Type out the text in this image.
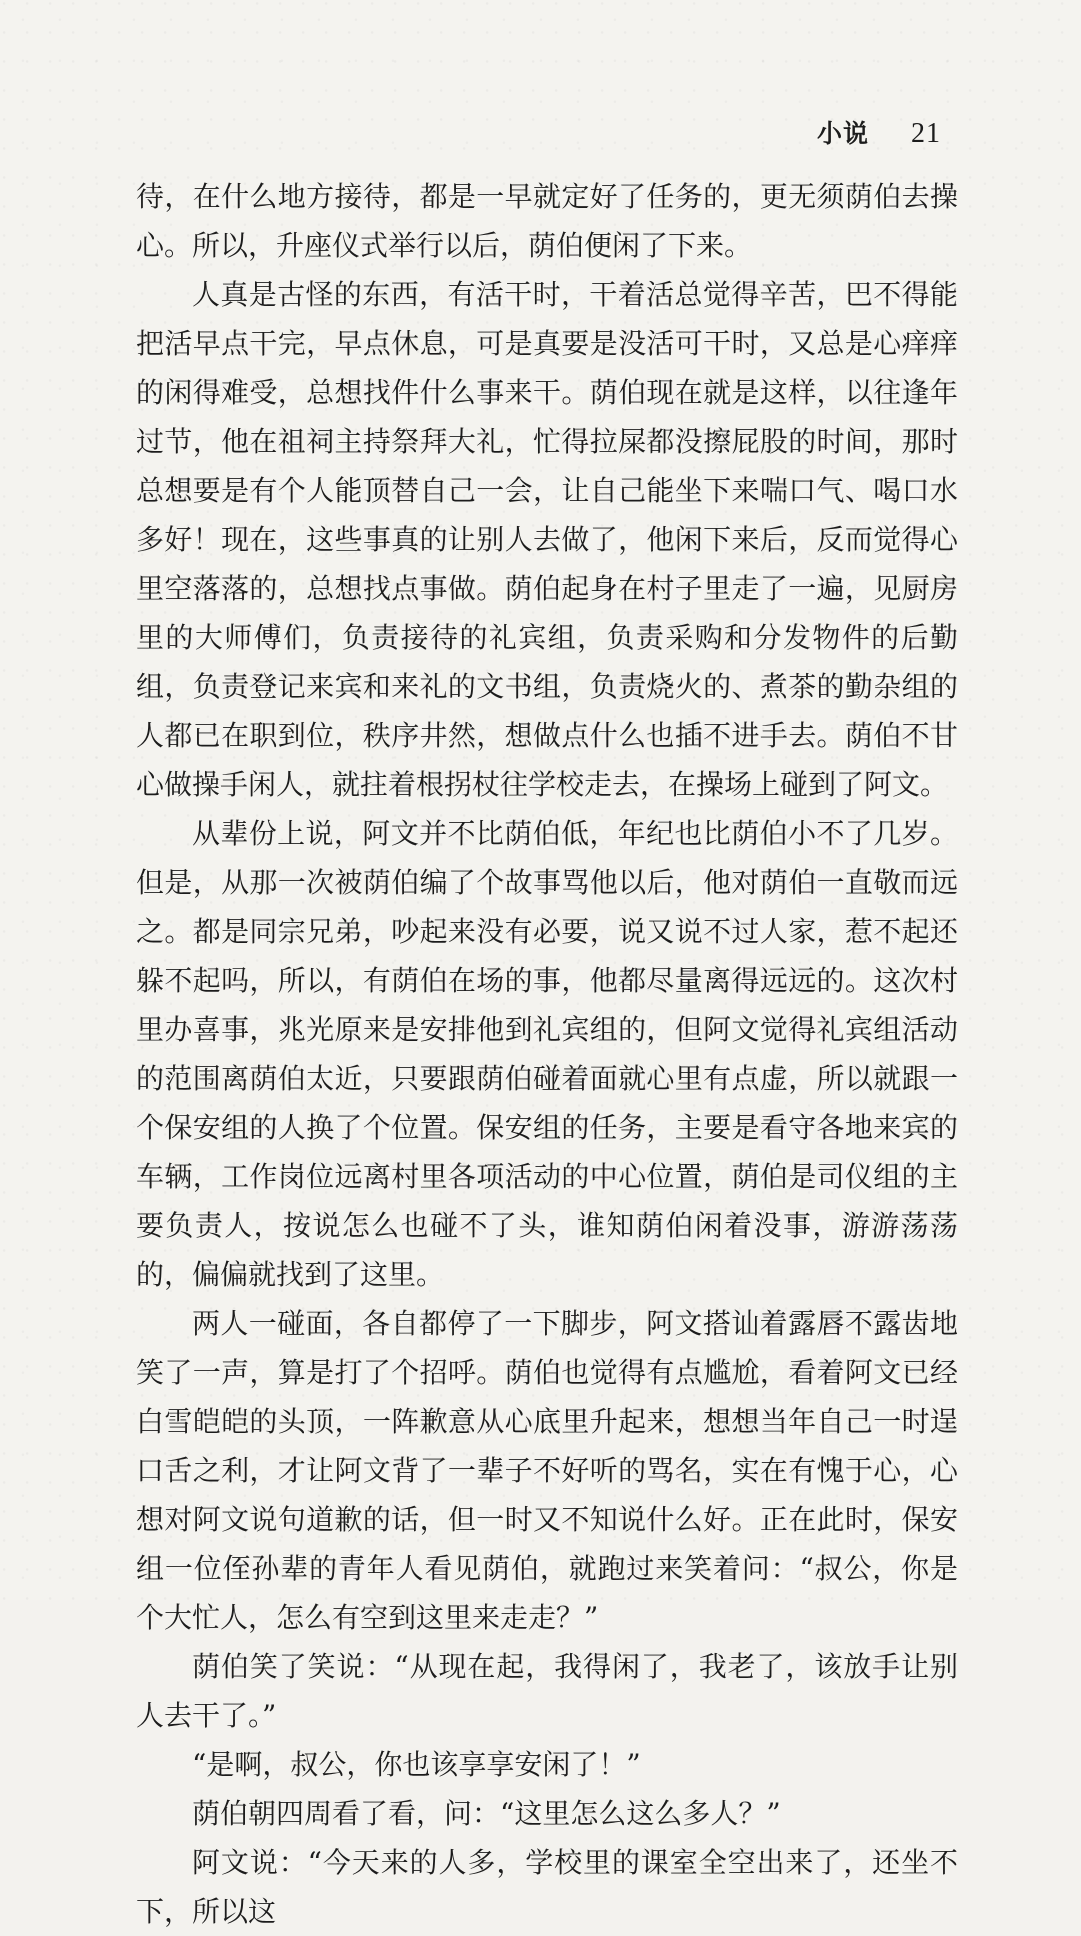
小说 21

待，在什么地方接待，都是一早就定好了任务的，更无须荫伯去操心。所以，升座仪式举行以后，荫伯便闲了下来。

人真是古怪的东西，有活干时，干着活总觉得辛苦，巴不得能把活早点干完，早点休息，可是真要是没活可干时，又总是心痒痒的闲得难受，总想找件什么事来干。荫伯现在就是这样，以往逢年过节，他在祖祠主持祭拜大礼，忙得拉屎都没擦屁股的时间，那时总想要是有个人能顶替自己一会，让自己能坐下来喘口气、喝口水多好！现在，这些事真的让别人去做了，他闲下来后，反而觉得心里空落落的，总想找点事做。荫伯起身在村子里走了一遍，见厨房里的大师傅们，负责接待的礼宾组，负责采购和分发物件的后勤组，负责登记来宾和来礼的文书组，负责烧火的、煮茶的勤杂组的人都已在职到位，秩序井然，想做点什么也插不进手去。荫伯不甘心做操手闲人，就拄着根拐杖往学校走去，在操场上碰到了阿文。

从辈份上说，阿文并不比荫伯低，年纪也比荫伯小不了几岁。但是，从那一次被荫伯编了个故事骂他以后，他对荫伯一直敬而远之。都是同宗兄弟，吵起来没有必要，说又说不过人家，惹不起还躲不起吗，所以，有荫伯在场的事，他都尽量离得远远的。这次村里办喜事，兆光原来是安排他到礼宾组的，但阿文觉得礼宾组活动的范围离荫伯太近，只要跟荫伯碰着面就心里有点虚，所以就跟一个保安组的人换了个位置。保安组的任务，主要是看守各地来宾的车辆，工作岗位远离村里各项活动的中心位置，荫伯是司仪组的主要负责人，按说怎么也碰不了头，谁知荫伯闲着没事，游游荡荡的，偏偏就找到了这里。

两人一碰面，各自都停了一下脚步，阿文搭讪着露唇不露齿地笑了一声，算是打了个招呼。荫伯也觉得有点尴尬，看着阿文已经白雪皑皑的头顶，一阵歉意从心底里升起来，想想当年自己一时逞口舌之利，才让阿文背了一辈子不好听的骂名，实在有愧于心，心想对阿文说句道歉的话，但一时又不知说什么好。正在此时，保安组一位侄孙辈的青年人看见荫伯，就跑过来笑着问：“叔公，你是个大忙人，怎么有空到这里来走走？”

荫伯笑了笑说：“从现在起，我得闲了，我老了，该放手让别人去干了。”

“是啊，叔公，你也该享享安闲了！”

荫伯朝四周看了看，问：“这里怎么这么多人？”

阿文说：“今天来的人多，学校里的课室全空出来了，还坐不下，所以这
